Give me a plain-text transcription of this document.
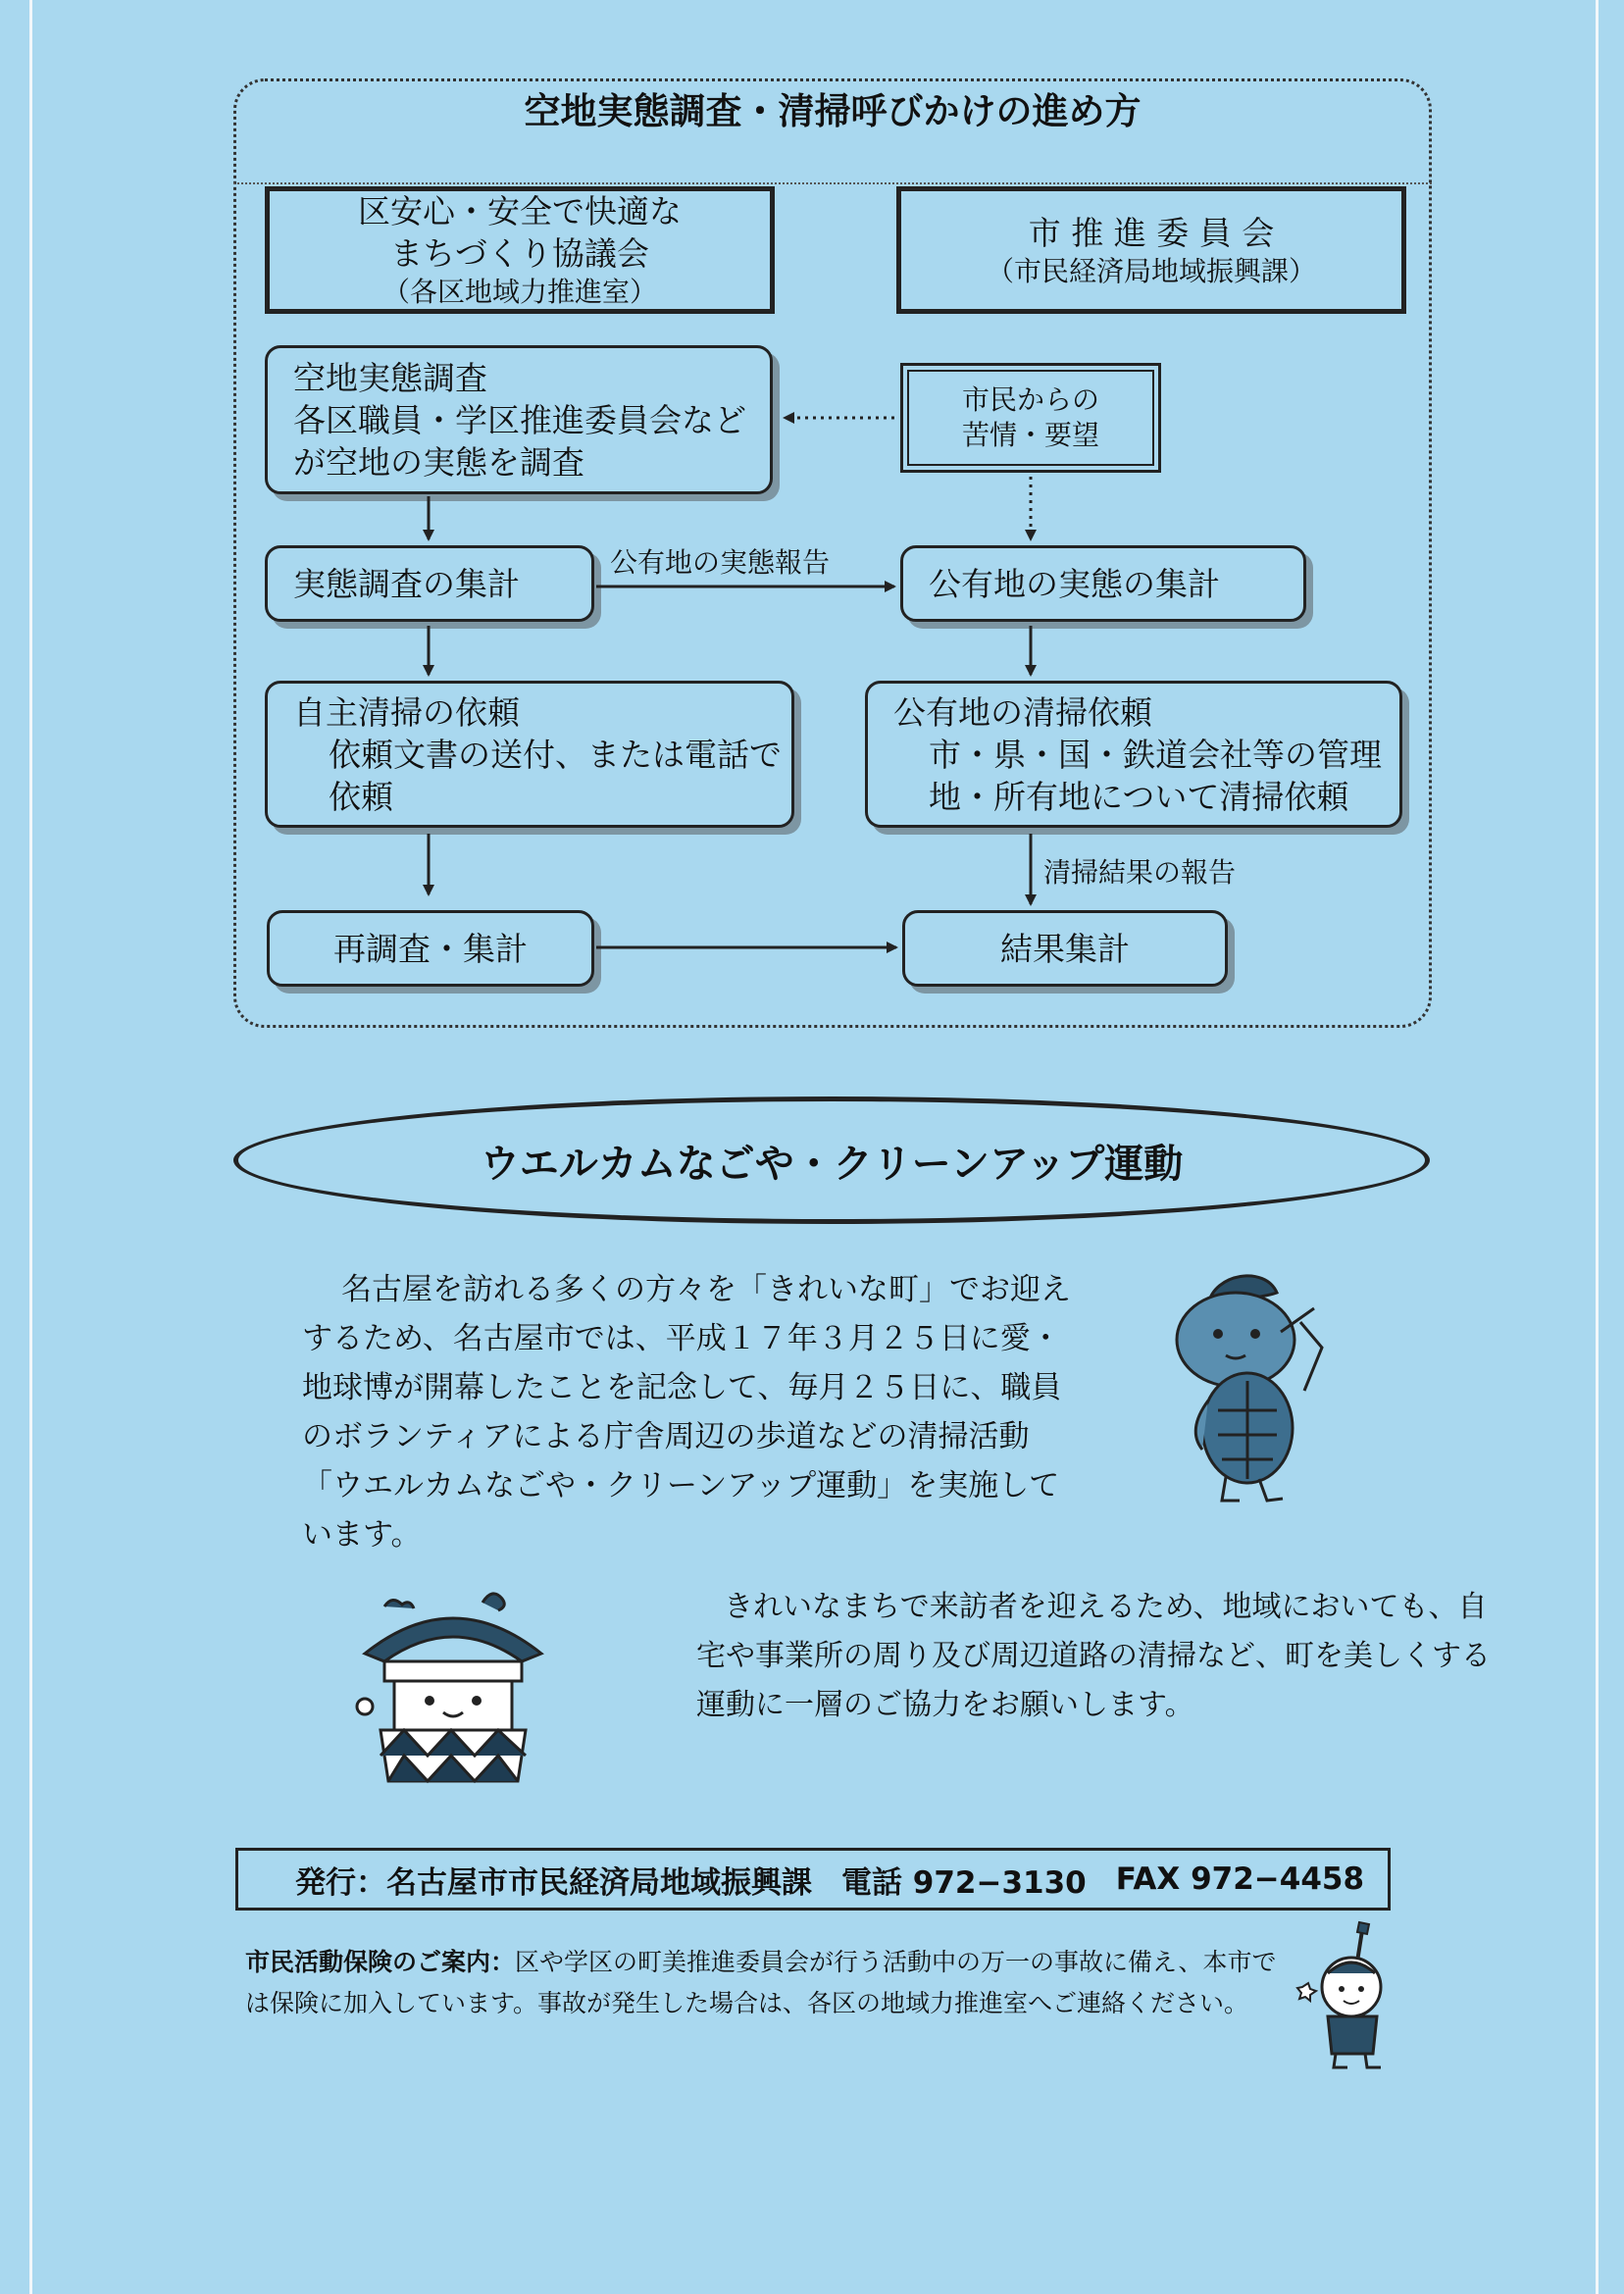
空地実態調査・清掃呼びかけの進め方
区安心・安全で快適な
まちづくり協議会
（各区地域力推進室）
市 推 進 委 員 会
（市民経済局地域振興課）
空地実態調査
各区職員・学区推進委員会など
が空地の実態を調査
市民からの
苦情・要望
実態調査の集計	公有地の実態の集計
公有地の実態報告
自主清掃の依頼
依頼文書の送付、または電話で
依頼
公有地の清掃依頼
市・県・国・鉄道会社等の管理
地・所有地について清掃依頼
清掃結果の報告
再調査・集計	結果集計
ウエルカムなごや・クリーンアップ運動
名古屋を訪れる多くの方々を「きれいな町」でお迎え
するため、名古屋市では、平成１７年３月２５日に愛・
地球博が開幕したことを記念して、毎月２５日に、職員
のボランティアによる庁舎周辺の歩道などの清掃活動
「ウエルカムなごや・クリーンアップ運動」を実施して
います。
きれいなまちで来訪者を迎えるため、地域においても、自
宅や事業所の周り及び周辺道路の清掃など、町を美しくする
運動に一層のご協力をお願いします。
発行：名古屋市市民経済局地域振興課 電話 972−3130 FAX 972−4458
市民活動保険のご案内：区や学区の町美推進委員会が行う活動中の万一の事故に備え、本市で
は保険に加入しています。事故が発生した場合は、各区の地域力推進室へご連絡ください。
